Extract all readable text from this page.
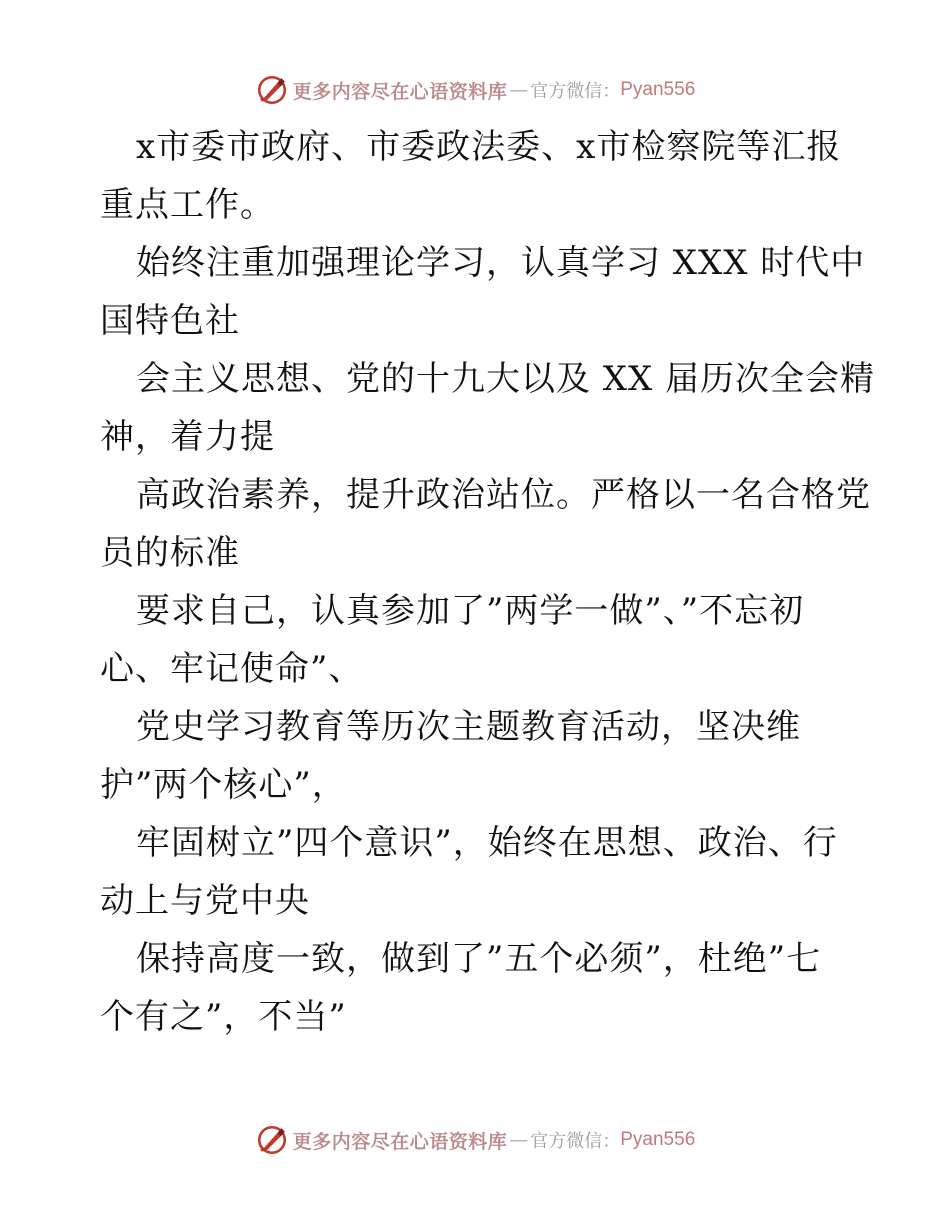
更多内容尽在心语资料库 — 官方微信： Pyan556
x市委市政府、市委政法委、x市检察院等汇报
重点工作。
始终注重加强理论学习，认真学习 XXX 时代中
国特色社
会主义思想、党的十九大以及 XX 届历次全会精
神，着力提
高政治素养，提升政治站位。严格以一名合格党
员的标准
要求自己，认真参加了”两学一做”、”不忘初
心、牢记使命”、
党史学习教育等历次主题教育活动，坚决维
护”两个核心”，
牢固树立”四个意识”，始终在思想、政治、行
动上与党中央
保持高度一致，做到了”五个必须”，杜绝”七
个有之”，不当”
更多内容尽在心语资料库 — 官方微信： Pyan556
